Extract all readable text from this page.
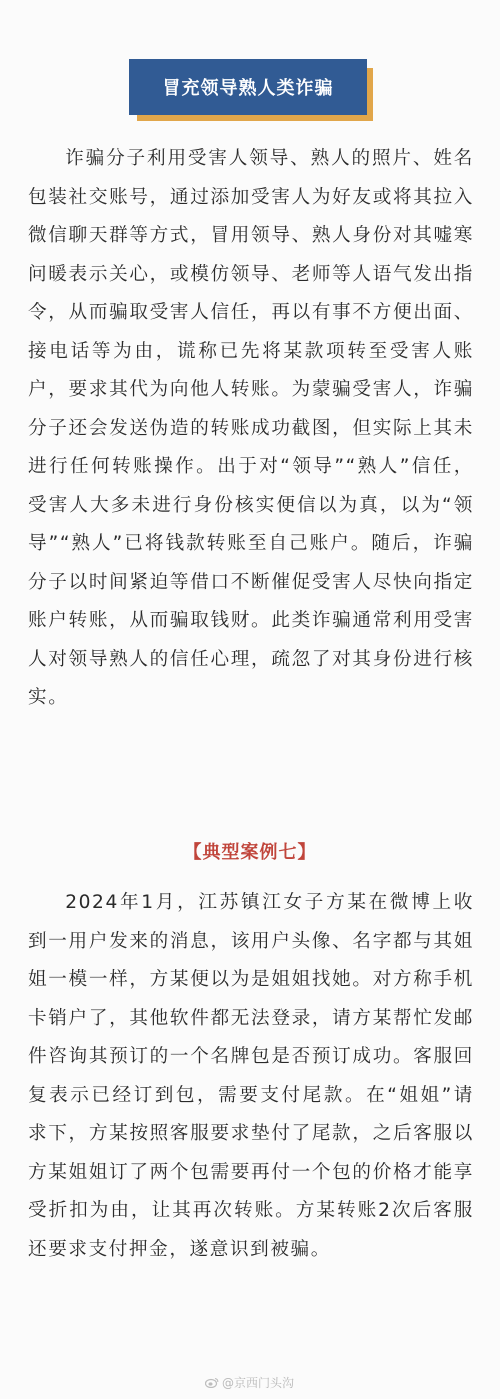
冒充领导熟人类诈骗

诈骗分子利用受害人领导、熟人的照片、姓名包装社交账号，通过添加受害人为好友或将其拉入微信聊天群等方式，冒用领导、熟人身份对其嘘寒问暖表示关心，或模仿领导、老师等人语气发出指令，从而骗取受害人信任，再以有事不方便出面、接电话等为由，谎称已先将某款项转至受害人账户，要求其代为向他人转账。为蒙骗受害人，诈骗分子还会发送伪造的转账成功截图，但实际上其未进行任何转账操作。出于对“领导”“熟人”信任，受害人大多未进行身份核实便信以为真，以为“领导”“熟人”已将钱款转账至自己账户。随后，诈骗分子以时间紧迫等借口不断催促受害人尽快向指定账户转账，从而骗取钱财。此类诈骗通常利用受害人对领导熟人的信任心理，疏忽了对其身份进行核实。

【典型案例七】

2024年1月，江苏镇江女子方某在微博上收到一用户发来的消息，该用户头像、名字都与其姐姐一模一样，方某便以为是姐姐找她。对方称手机卡销户了，其他软件都无法登录，请方某帮忙发邮件咨询其预订的一个名牌包是否预订成功。客服回复表示已经订到包，需要支付尾款。在“姐姐”请求下，方某按照客服要求垫付了尾款，之后客服以方某姐姐订了两个包需要再付一个包的价格才能享受折扣为由，让其再次转账。方某转账2次后客服还要求支付押金，遂意识到被骗。

@京西门头沟
